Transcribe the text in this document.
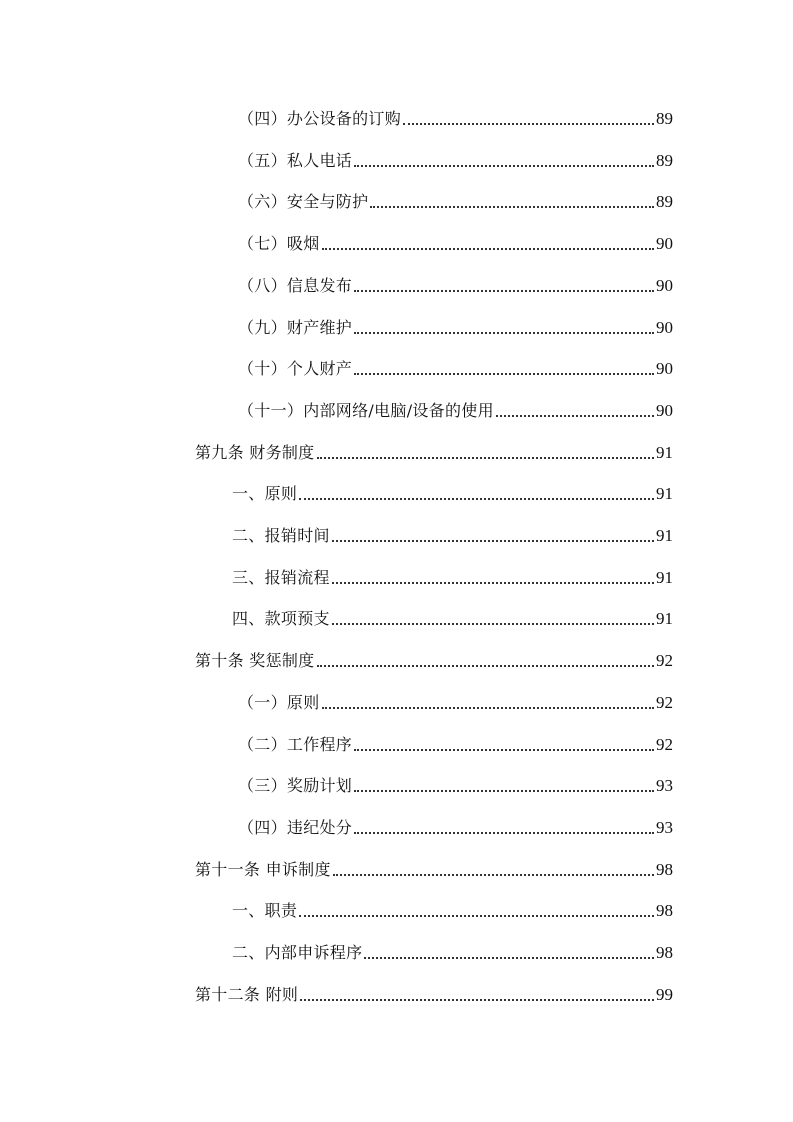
（四）办公设备的订购	89
（五）私人电话	89
（六）安全与防护	89
（七）吸烟	90
（八）信息发布	90
（九）财产维护	90
（十）个人财产	90
（十一）内部网络/电脑/设备的使用	90
第九条 财务制度	91
一、原则	91
二、报销时间	91
三、报销流程	91
四、款项预支	91
第十条 奖惩制度	92
（一）原则	92
（二）工作程序	92
（三）奖励计划	93
（四）违纪处分	93
第十一条 申诉制度	98
一、职责	98
二、内部申诉程序	98
第十二条 附则	99
